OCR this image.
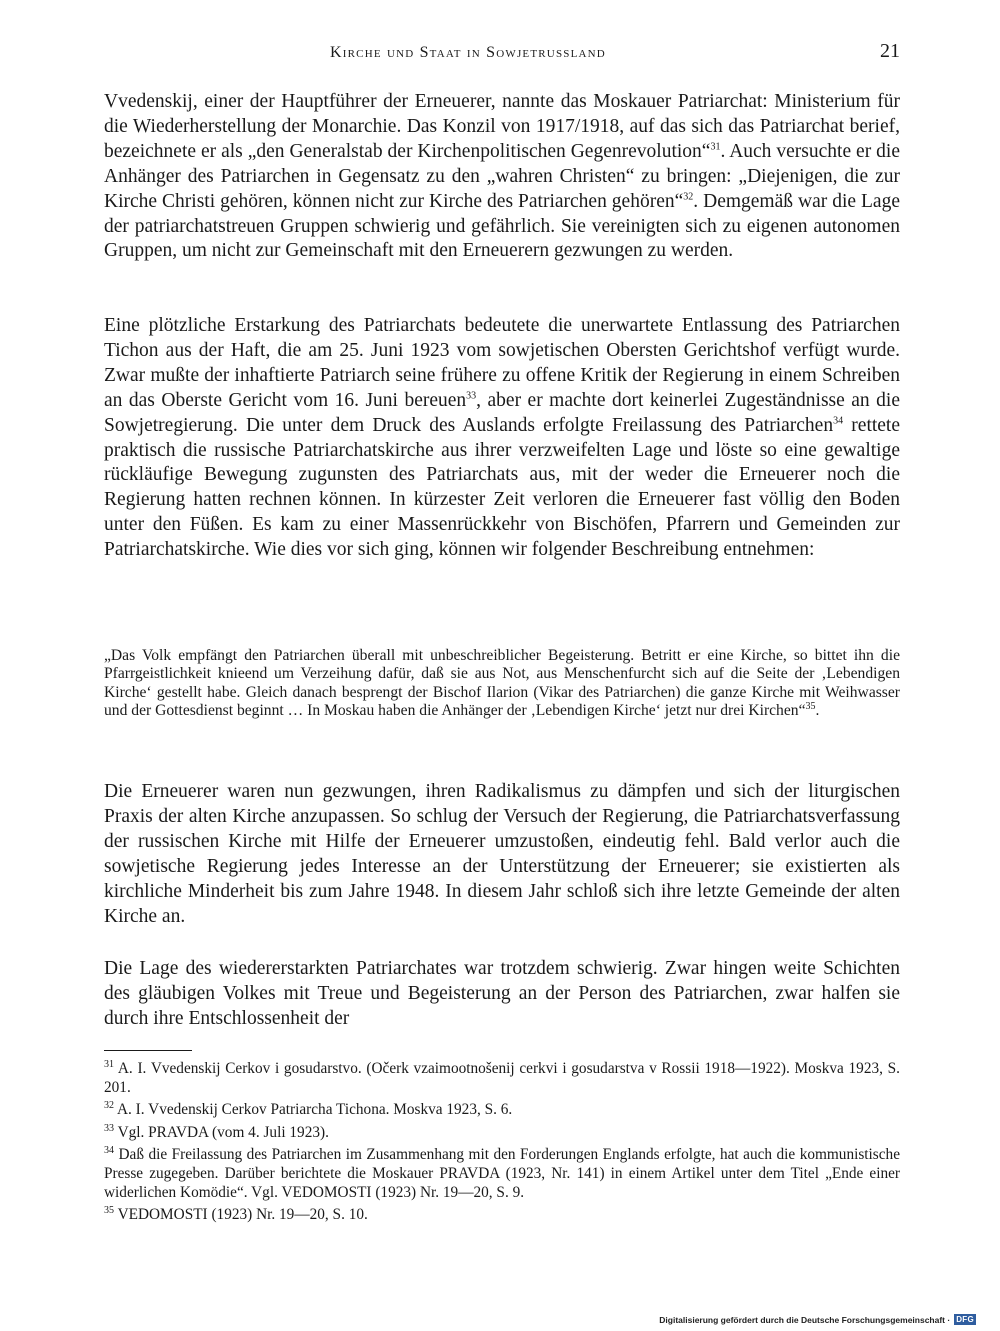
Kirche und Staat in Sowjetrussland	21

Vvedenskij, einer der Hauptführer der Erneuerer, nannte das Moskauer Patriarchat: Ministerium für die Wiederherstellung der Monarchie. Das Konzil von 1917/1918, auf das sich das Patriarchat berief, bezeichnete er als „den Generalstab der Kirchenpolitischen Gegenrevolution“$^{31}$. Auch versuchte er die Anhänger des Patriarchen in Gegensatz zu den „wahren Christen“ zu bringen: „Diejenigen, die zur Kirche Christi gehören, können nicht zur Kirche des Patriarchen gehören“$^{32}$. Demgemäß war die Lage der patriarchatstreuen Gruppen schwierig und gefährlich. Sie vereinigten sich zu eigenen autonomen Gruppen, um nicht zur Gemeinschaft mit den Erneuerern gezwungen zu werden.

Eine plötzliche Erstarkung des Patriarchats bedeutete die unerwartete Entlassung des Patriarchen Tichon aus der Haft, die am 25. Juni 1923 vom sowjetischen Obersten Gerichtshof verfügt wurde. Zwar mußte der inhaftierte Patriarch seine frühere zu offene Kritik der Regierung in einem Schreiben an das Oberste Gericht vom 16. Juni bereuen$^{33}$, aber er machte dort keinerlei Zugeständnisse an die Sowjetregierung. Die unter dem Druck des Auslands erfolgte Freilassung des Patriarchen$^{34}$ rettete praktisch die russische Patriarchatskirche aus ihrer verzweifelten Lage und löste so eine gewaltige rückläufige Bewegung zugunsten des Patriarchats aus, mit der weder die Erneuerer noch die Regierung hatten rechnen können. In kürzester Zeit verloren die Erneuerer fast völlig den Boden unter den Füßen. Es kam zu einer Massenrückkehr von Bischöfen, Pfarrern und Gemeinden zur Patriarchatskirche. Wie dies vor sich ging, können wir folgender Beschreibung entnehmen:

„Das Volk empfängt den Patriarchen überall mit unbeschreiblicher Begeisterung. Betritt er eine Kirche, so bittet ihn die Pfarrgeistlichkeit knieend um Verzeihung dafür, daß sie aus Not, aus Menschenfurcht sich auf die Seite der ‚Lebendigen Kirche‘ gestellt habe. Gleich danach besprengt der Bischof Ilarion (Vikar des Patriarchen) die ganze Kirche mit Weihwasser und der Gottesdienst beginnt … In Moskau haben die Anhänger der ‚Lebendigen Kirche‘ jetzt nur drei Kirchen“$^{35}$.

Die Erneuerer waren nun gezwungen, ihren Radikalismus zu dämpfen und sich der liturgischen Praxis der alten Kirche anzupassen. So schlug der Versuch der Regierung, die Patriarchatsverfassung der russischen Kirche mit Hilfe der Erneuerer umzustoßen, eindeutig fehl. Bald verlor auch die sowjetische Regierung jedes Interesse an der Unterstützung der Erneuerer; sie existierten als kirchliche Minderheit bis zum Jahre 1948. In diesem Jahr schloß sich ihre letzte Gemeinde der alten Kirche an.

Die Lage des wiedererstarkten Patriarchates war trotzdem schwierig. Zwar hingen weite Schichten des gläubigen Volkes mit Treue und Begeisterung an der Person des Patriarchen, zwar halfen sie durch ihre Entschlossenheit der

$^{31}$ A. I. Vvedenskij Cerkov i gosudarstvo. (Očerk vzaimootnošenij cerkvi i gosudarstva v Rossii 1918—1922). Moskva 1923, S. 201.
$^{32}$ A. I. Vvedenskij Cerkov Patriarcha Tichona. Moskva 1923, S. 6.
$^{33}$ Vgl. PRAVDA (vom 4. Juli 1923).
$^{34}$ Daß die Freilassung des Patriarchen im Zusammenhang mit den Forderungen Englands erfolgte, hat auch die kommunistische Presse zugegeben. Darüber berichtete die Moskauer PRAVDA (1923, Nr. 141) in einem Artikel unter dem Titel „Ende einer widerlichen Komödie“. Vgl. VEDOMOSTI (1923) Nr. 19—20, S. 9.
$^{35}$ VEDOMOSTI (1923) Nr. 19—20, S. 10.
Digitalisierung gefördert durch die Deutsche Forschungsgemeinschaft · DFG
